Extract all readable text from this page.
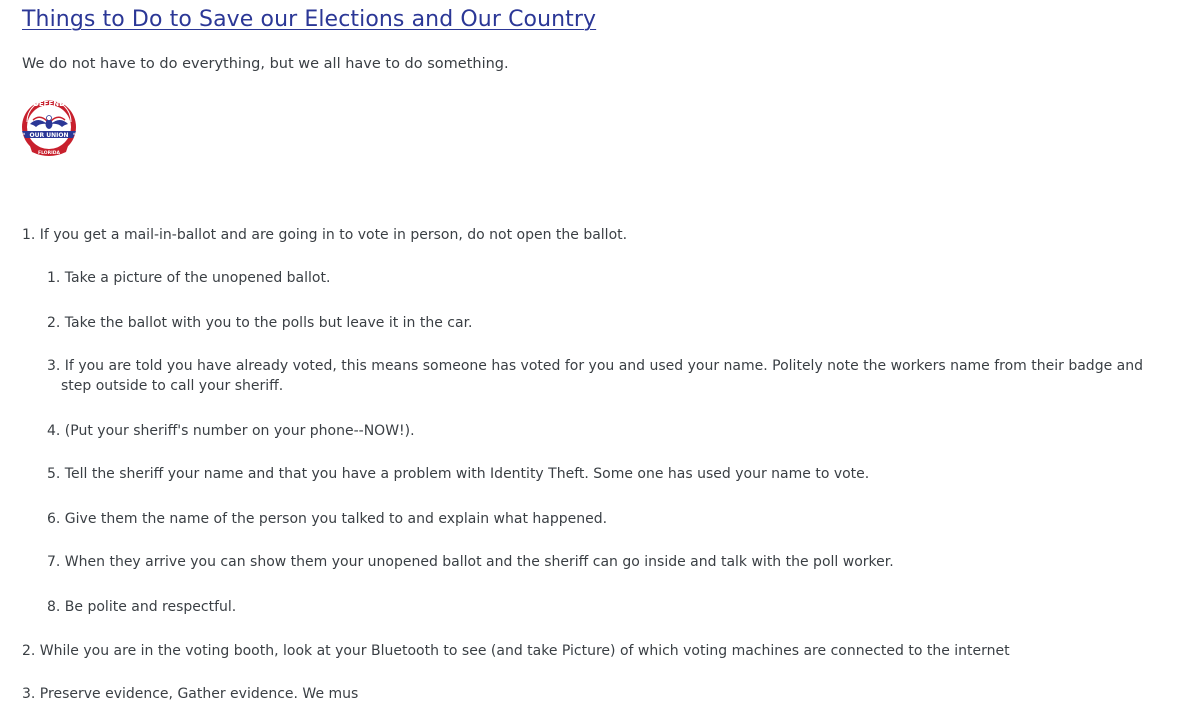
Things to Do to Save our Elections and Our Country

We do not have to do everything, but we all have to do something.

DEFEND
OUR UNION
FLORIDA

1. If you get a mail-in-ballot and are going in to vote in person, do not open the ballot.

1. Take a picture of the unopened ballot.

2. Take the ballot with you to the polls but leave it in the car.

3. If you are told you have already voted, this means someone has voted for you and used your name. Politely note the workers name from their badge and
step outside to call your sheriff.

4. (Put your sheriff's number on your phone--NOW!).

5. Tell the sheriff your name and that you have a problem with Identity Theft. Some one has used your name to vote.

6. Give them the name of the person you talked to and explain what happened.

7. When they arrive you can show them your unopened ballot and the sheriff can go inside and talk with the poll worker.

8. Be polite and respectful.

2. While you are in the voting booth, look at your Bluetooth to see (and take Picture) of which voting machines are connected to the internet

3. Preserve evidence, Gather evidence. We mus
